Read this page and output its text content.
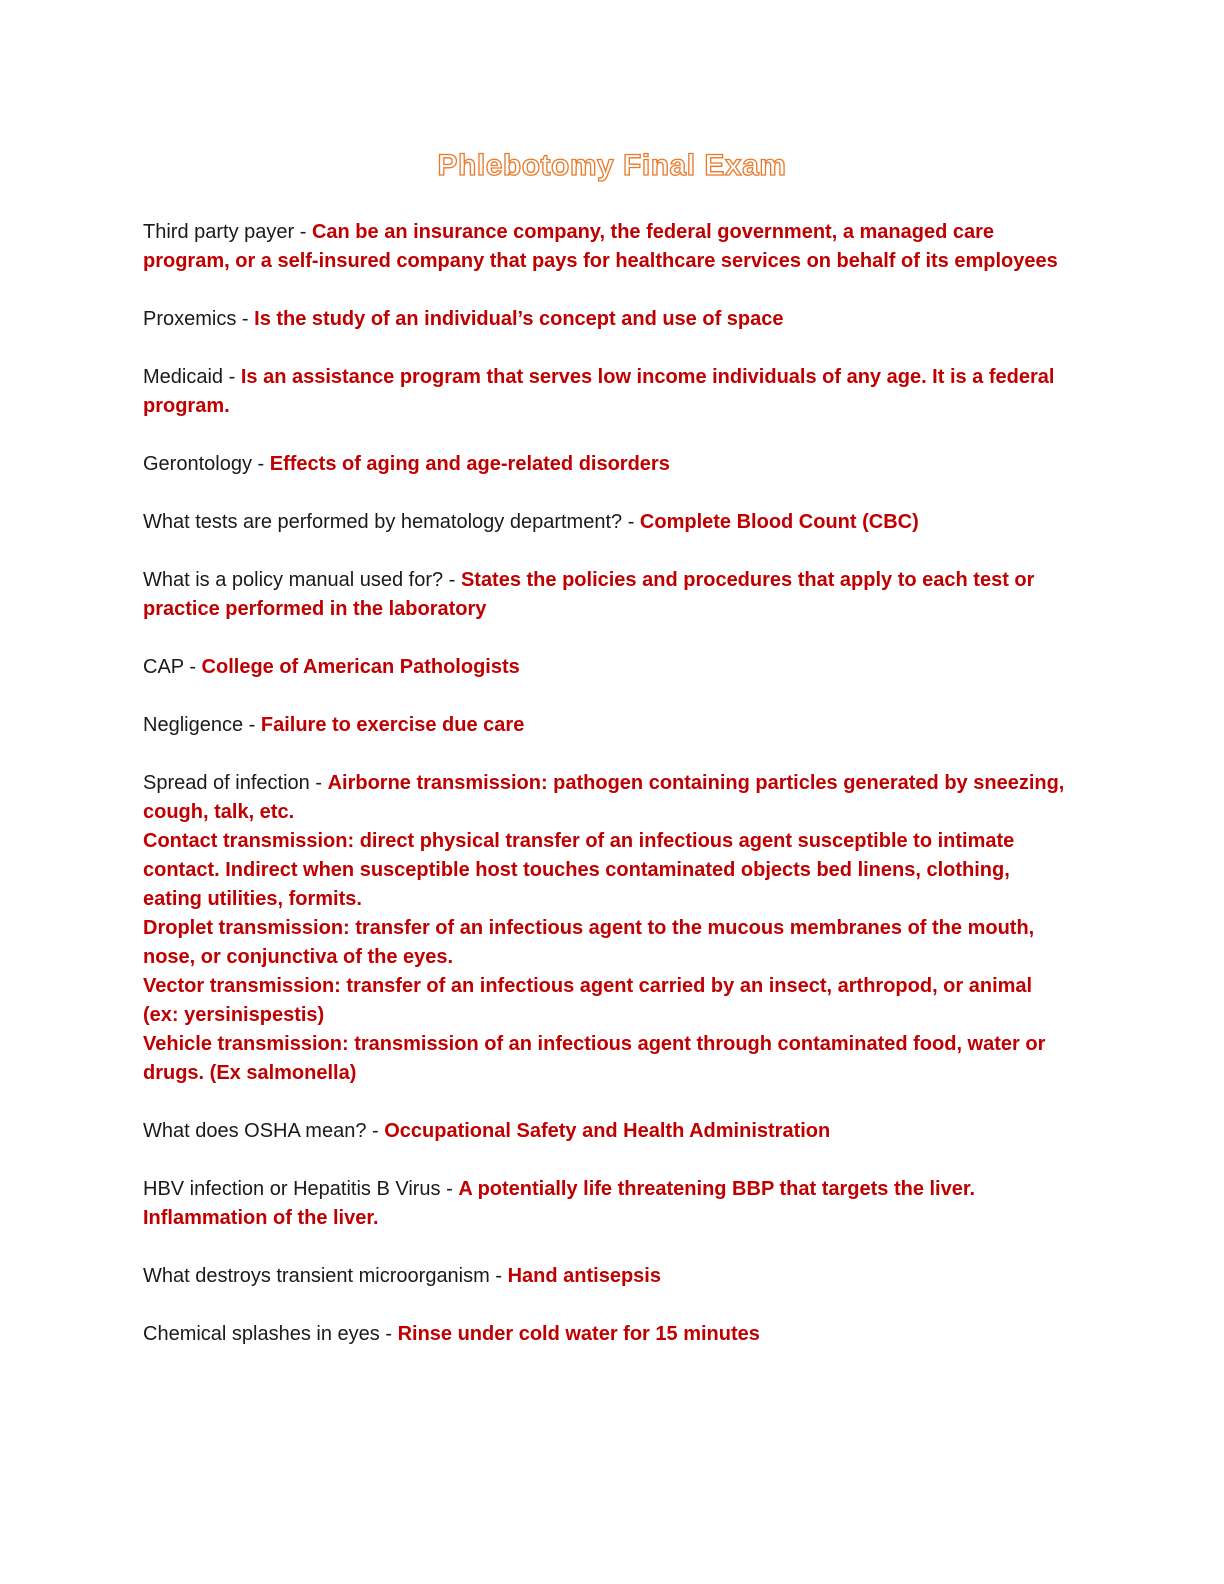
Phlebotomy Final Exam
Third party payer - Can be an insurance company, the federal government, a managed care program, or a self-insured company that pays for healthcare services on behalf of its employees
Proxemics - Is the study of an individual’s concept and use of space
Medicaid - Is an assistance program that serves low income individuals of any age. It is a federal program.
Gerontology - Effects of aging and age-related disorders
What tests are performed by hematology department? - Complete Blood Count (CBC)
What is a policy manual used for? - States the policies and procedures that apply to each test or practice performed in the laboratory
CAP - College of American Pathologists
Negligence - Failure to exercise due care
Spread of infection - Airborne transmission: pathogen containing particles generated by sneezing, cough, talk, etc.
Contact transmission: direct physical transfer of an infectious agent susceptible to intimate contact. Indirect when susceptible host touches contaminated objects bed linens, clothing, eating utilities, formits.
Droplet transmission: transfer of an infectious agent to the mucous membranes of the mouth, nose, or conjunctiva of the eyes.
Vector transmission: transfer of an infectious agent carried by an insect, arthropod, or animal (ex: yersinispestis)
Vehicle transmission: transmission of an infectious agent through contaminated food, water or drugs. (Ex salmonella)
What does OSHA mean? - Occupational Safety and Health Administration
HBV infection or Hepatitis B Virus - A potentially life threatening BBP that targets the liver. Inflammation of the liver.
What destroys transient microorganism - Hand antisepsis
Chemical splashes in eyes - Rinse under cold water for 15 minutes
